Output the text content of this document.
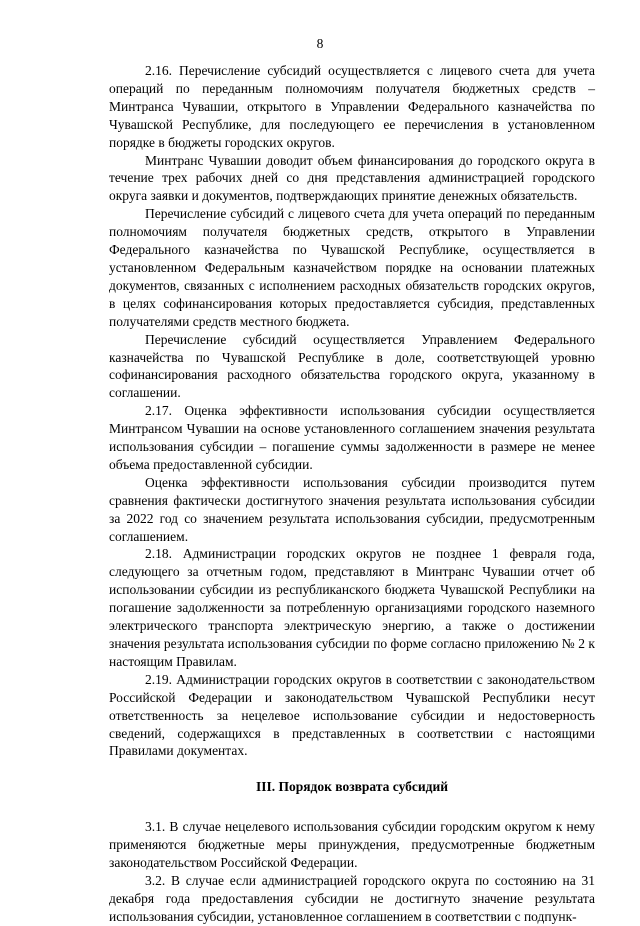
8

2.16. Перечисление субсидий осуществляется с лицевого счета для учета операций по переданным полномочиям получателя бюджетных средств – Минтранса Чувашии, открытого в Управлении Федерального казначейства по Чувашской Республике, для последующего ее перечисления в установленном порядке в бюджеты городских округов.

Минтранс Чувашии доводит объем финансирования до городского округа в течение трех рабочих дней со дня представления администрацией городского округа заявки и документов, подтверждающих принятие денежных обязательств.

Перечисление субсидий с лицевого счета для учета операций по переданным полномочиям получателя бюджетных средств, открытого в Управлении Федерального казначейства по Чувашской Республике, осуществляется в установленном Федеральным казначейством порядке на основании платежных документов, связанных с исполнением расходных обязательств городских округов, в целях софинансирования которых предоставляется субсидия, представленных получателями средств местного бюджета.

Перечисление субсидий осуществляется Управлением Федерального казначейства по Чувашской Республике в доле, соответствующей уровню софинансирования расходного обязательства городского округа, указанному в соглашении.

2.17. Оценка эффективности использования субсидии осуществляется Минтрансом Чувашии на основе установленного соглашением значения результата использования субсидии – погашение суммы задолженности в размере не менее объема предоставленной субсидии.

Оценка эффективности использования субсидии производится путем сравнения фактически достигнутого значения результата использования субсидии за 2022 год со значением результата использования субсидии, предусмотренным соглашением.

2.18. Администрации городских округов не позднее 1 февраля года, следующего за отчетным годом, представляют в Минтранс Чувашии отчет об использовании субсидии из республиканского бюджета Чувашской Республики на погашение задолженности за потребленную организациями городского наземного электрического транспорта электрическую энергию, а также о достижении значения результата использования субсидии по форме согласно приложению № 2 к настоящим Правилам.

2.19. Администрации городских округов в соответствии с законодательством Российской Федерации и законодательством Чувашской Республики несут ответственность за нецелевое использование субсидии и недостоверность сведений, содержащихся в представленных в соответствии с настоящими Правилами документах.

III. Порядок возврата субсидий

3.1. В случае нецелевого использования субсидии городским округом к нему применяются бюджетные меры принуждения, предусмотренные бюджетным законодательством Российской Федерации.

3.2. В случае если администрацией городского округа по состоянию на 31 декабря года предоставления субсидии не достигнуто значение результата использования субсидии, установленное соглашением в соответствии с подпунк-
